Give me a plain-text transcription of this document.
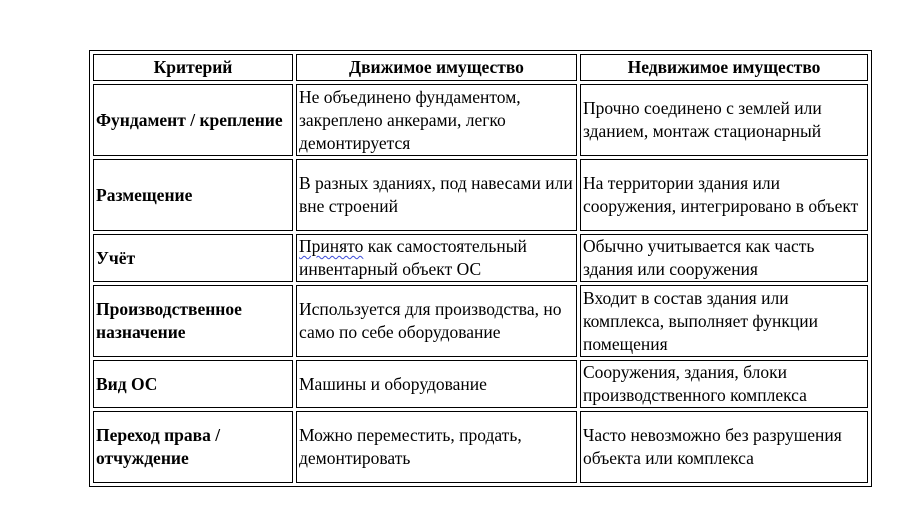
Критерий	Движимое имущество	Недвижимое имущество
Фундамент / крепление	Не объединено фундаментом, закреплено анкерами, легко демонтируется	Прочно соединено с землей или зданием, монтаж стационарный
Размещение	В разных зданиях, под навесами или вне строений	На территории здания или сооружения, интегрировано в объект
Учёт	Принято как самостоятельный инвентарный объект ОС	Обычно учитывается как часть здания или сооружения
Производственное назначение	Используется для производства, но само по себе оборудование	Входит в состав здания или комплекса, выполняет функции помещения
Вид ОС	Машины и оборудование	Сооружения, здания, блоки производственного комплекса
Переход права / отчуждение	Можно переместить, продать, демонтировать	Часто невозможно без разрушения объекта или комплекса
